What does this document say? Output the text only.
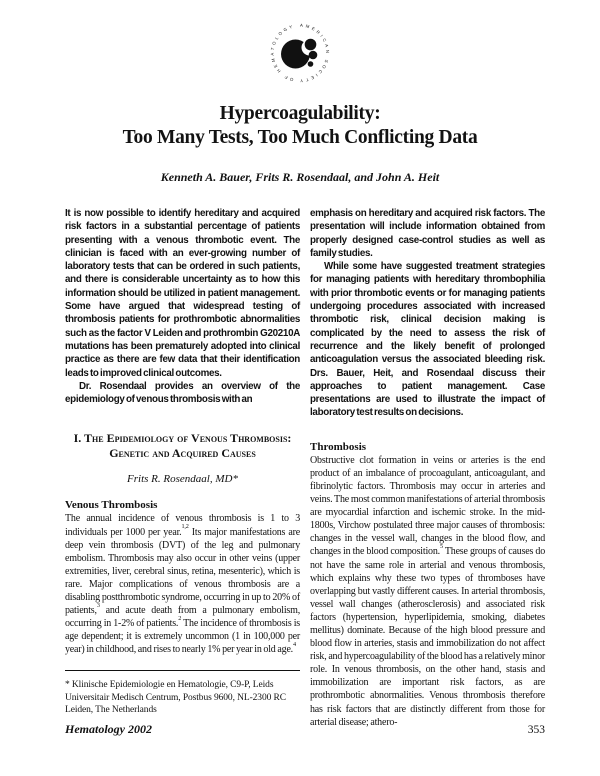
AMERICAN SOCIETY OF HEMATOLOGY
Hypercoagulability:
Too Many Tests, Too Much Conflicting Data
Kenneth A. Bauer, Frits R. Rosendaal, and John A. Heit

It is now possible to identify hereditary and acquired risk factors in a substantial percentage of patients presenting with a venous thrombotic event. The clinician is faced with an ever-growing number of laboratory tests that can be ordered in such patients, and there is considerable uncertainty as to how this information should be utilized in patient management. Some have argued that widespread testing of thrombosis patients for prothrombotic abnormalities such as the factor V Leiden and prothrombin G20210A mutations has been prematurely adopted into clinical practice as there are few data that their identification leads to improved clinical outcomes.

Dr. Rosendaal provides an overview of the epidemiology of venous thrombosis with an

I. The Epidemiology of Venous Thrombosis:
Genetic and Acquired Causes
Frits R. Rosendaal, MD*
Venous Thrombosis

The annual incidence of venous thrombosis is 1 to 3 individuals per 1000 per year.$^{1,2}$ Its major manifestations are deep vein thrombosis (DVT) of the leg and pulmonary embolism. Thrombosis may also occur in other veins (upper extremities, liver, cerebral sinus, retina, mesenteric), which is rare. Major complications of venous thrombosis are a disabling postthrombotic syndrome, occurring in up to 20% of patients,$^3$ and acute death from a pulmonary embolism, occurring in 1-2% of patients.$^2$ The incidence of thrombosis is age dependent; it is extremely uncommon (1 in 100,000 per year) in childhood, and rises to nearly 1% per year in old age.$^4$

* Klinische Epidemiologie en Hematologie, C9-P, Leids Universitair Medisch Centrum, Postbus 9600, NL-2300 RC Leiden, The Netherlands

emphasis on hereditary and acquired risk factors. The presentation will include information obtained from properly designed case-control studies as well as family studies.

While some have suggested treatment strategies for managing patients with hereditary thrombophilia with prior thrombotic events or for managing patients undergoing procedures associated with increased thrombotic risk, clinical decision making is complicated by the need to assess the risk of recurrence and the likely benefit of prolonged anticoagulation versus the associated bleeding risk. Drs. Bauer, Heit, and Rosendaal discuss their approaches to patient management. Case presentations are used to illustrate the impact of laboratory test results on decisions.

Thrombosis

Obstructive clot formation in veins or arteries is the end product of an imbalance of procoagulant, anticoagulant, and fibrinolytic factors. Thrombosis may occur in arteries and veins. The most common manifestations of arterial thrombosis are myocardial infarction and ischemic stroke. In the mid-1800s, Virchow postulated three major causes of thrombosis: changes in the vessel wall, changes in the blood flow, and changes in the blood composition.$^5$ These groups of causes do not have the same role in arterial and venous thrombosis, which explains why these two types of thromboses have overlapping but vastly different causes. In arterial thrombosis, vessel wall changes (atherosclerosis) and associated risk factors (hypertension, hyperlipidemia, smoking, diabetes mellitus) dominate. Because of the high blood pressure and blood flow in arteries, stasis and immobilization do not affect risk, and hypercoagulability of the blood has a relatively minor role. In venous thrombosis, on the other hand, stasis and immobilization are important risk factors, as are prothrombotic abnormalities. Venous thrombosis therefore has risk factors that are distinctly different from those for arterial disease; athero-

Hematology 2002	353
